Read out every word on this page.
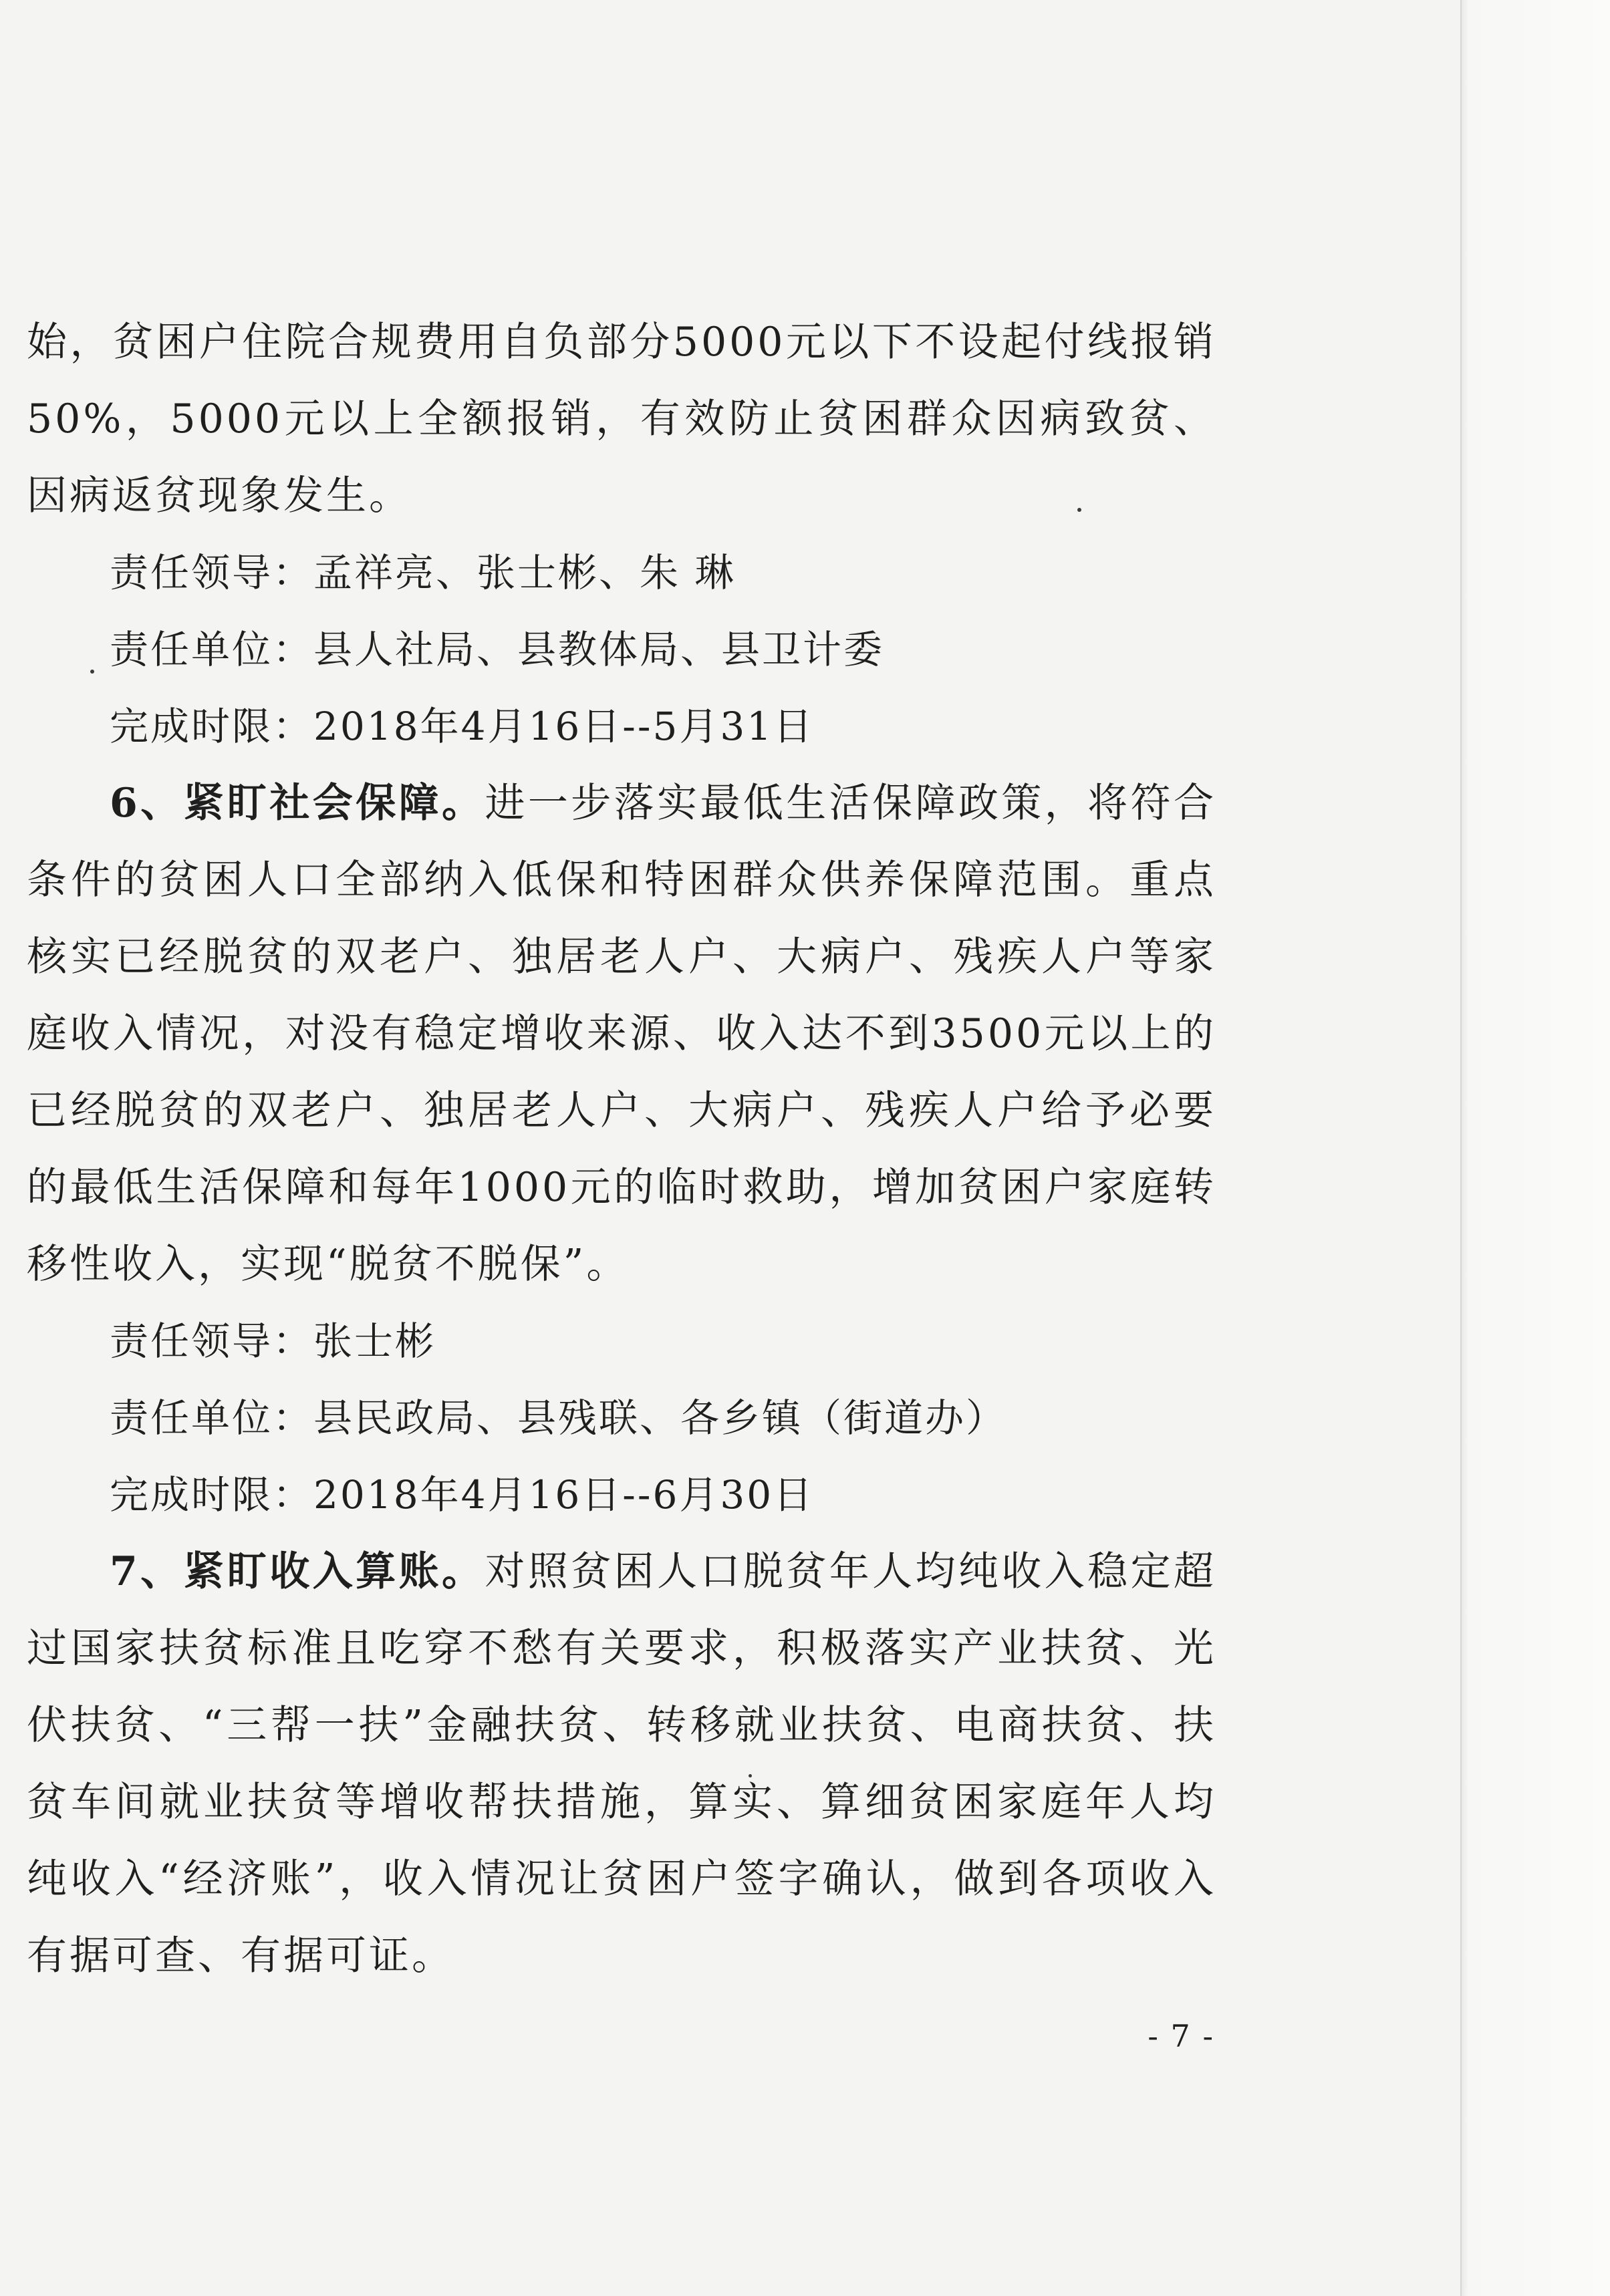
始，贫困户住院合规费用自负部分5000元以下不设起付线报销50%，5000元以上全额报销，有效防止贫困群众因病致贫、因病返贫现象发生。

责任领导：孟祥亮、张士彬、朱 琳

责任单位：县人社局、县教体局、县卫计委

完成时限：2018年4月16日--5月31日

6、紧盯社会保障。进一步落实最低生活保障政策，将符合条件的贫困人口全部纳入低保和特困群众供养保障范围。重点核实已经脱贫的双老户、独居老人户、大病户、残疾人户等家庭收入情况，对没有稳定增收来源、收入达不到3500元以上的已经脱贫的双老户、独居老人户、大病户、残疾人户给予必要的最低生活保障和每年1000元的临时救助，增加贫困户家庭转移性收入，实现“脱贫不脱保”。

责任领导：张士彬

责任单位：县民政局、县残联、各乡镇（街道办）

完成时限：2018年4月16日--6月30日

7、紧盯收入算账。对照贫困人口脱贫年人均纯收入稳定超过国家扶贫标准且吃穿不愁有关要求，积极落实产业扶贫、光伏扶贫、“三帮一扶”金融扶贫、转移就业扶贫、电商扶贫、扶贫车间就业扶贫等增收帮扶措施，算实、算细贫困家庭年人均纯收入“经济账”，收入情况让贫困户签字确认，做到各项收入有据可查、有据可证。

- 7 -
